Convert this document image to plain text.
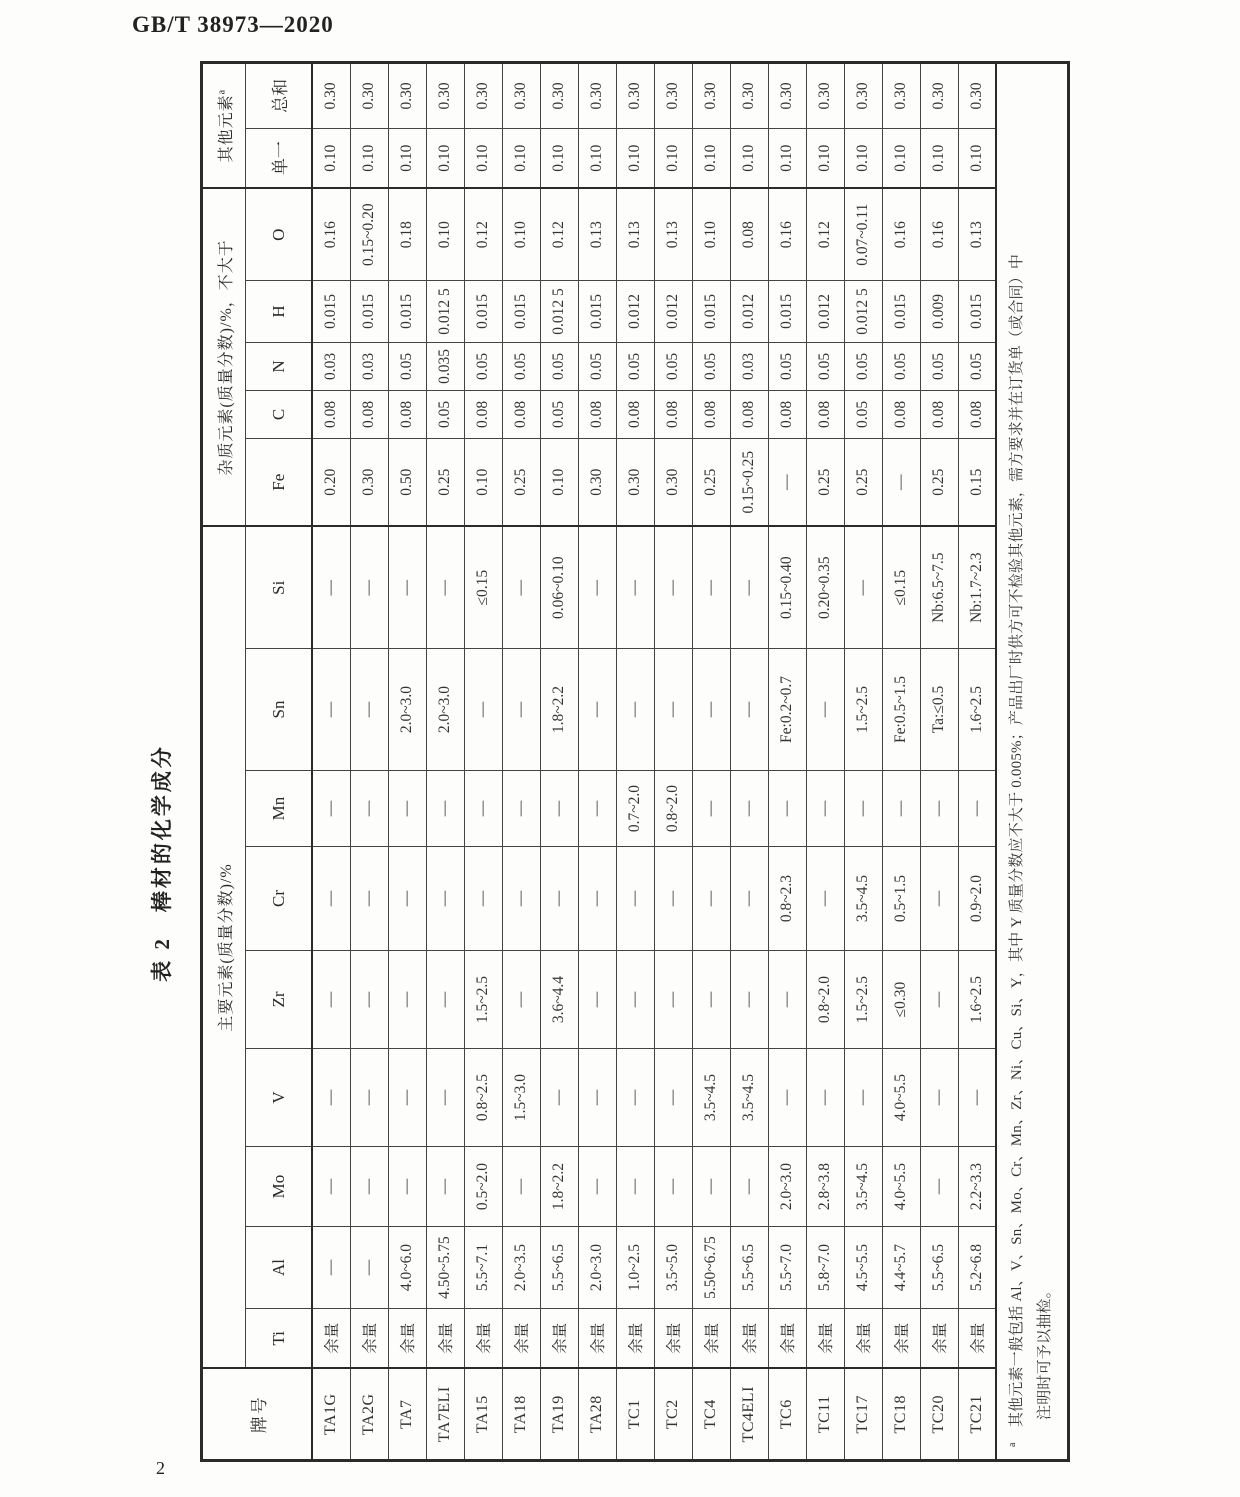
GB/T 38973—2020
表 2　棒材的化学成分
牌号	主要元素(质量分数)/%									杂质元素(质量分数)/%，不大于					其他元素$^a$
	Ti	Al	Mo	V	Zr	Cr	Mn	Sn	Si	Fe	C	N	H	O	单一	总和
TA1G	余量	—	—	—	—	—	—	—	—	0.20	0.08	0.03	0.015	0.16	0.10	0.30
TA2G	余量	—	—	—	—	—	—	—	—	0.30	0.08	0.03	0.015	0.15~0.20	0.10	0.30
TA7	余量	4.0~6.0	—	—	—	—	—	2.0~3.0	—	0.50	0.08	0.05	0.015	0.18	0.10	0.30
TA7ELI	余量	4.50~5.75	—	—	—	—	—	2.0~3.0	—	0.25	0.05	0.035	0.012 5	0.10	0.10	0.30
TA15	余量	5.5~7.1	0.5~2.0	0.8~2.5	1.5~2.5	—	—	—	≤0.15	0.10	0.08	0.05	0.015	0.12	0.10	0.30
TA18	余量	2.0~3.5	—	1.5~3.0	—	—	—	—	—	0.25	0.08	0.05	0.015	0.10	0.10	0.30
TA19	余量	5.5~6.5	1.8~2.2	—	3.6~4.4	—	—	1.8~2.2	0.06~0.10	0.10	0.05	0.05	0.012 5	0.12	0.10	0.30
TA28	余量	2.0~3.0	—	—	—	—	—	—	—	0.30	0.08	0.05	0.015	0.13	0.10	0.30
TC1	余量	1.0~2.5	—	—	—	—	0.7~2.0	—	—	0.30	0.08	0.05	0.012	0.13	0.10	0.30
TC2	余量	3.5~5.0	—	—	—	—	0.8~2.0	—	—	0.30	0.08	0.05	0.012	0.13	0.10	0.30
TC4	余量	5.50~6.75	—	3.5~4.5	—	—	—	—	—	0.25	0.08	0.05	0.015	0.10	0.10	0.30
TC4ELI	余量	5.5~6.5	—	3.5~4.5	—	—	—	—	—	0.15~0.25	0.08	0.03	0.012	0.08	0.10	0.30
TC6	余量	5.5~7.0	2.0~3.0	—	—	0.8~2.3	—	Fe:0.2~0.7	0.15~0.40	—	0.08	0.05	0.015	0.16	0.10	0.30
TC11	余量	5.8~7.0	2.8~3.8	—	0.8~2.0	—	—	—	0.20~0.35	0.25	0.08	0.05	0.012	0.12	0.10	0.30
TC17	余量	4.5~5.5	3.5~4.5	—	1.5~2.5	3.5~4.5	—	1.5~2.5	—	0.25	0.05	0.05	0.012 5	0.07~0.11	0.10	0.30
TC18	余量	4.4~5.7	4.0~5.5	4.0~5.5	≤0.30	0.5~1.5	—	Fe:0.5~1.5	≤0.15	—	0.08	0.05	0.015	0.16	0.10	0.30
TC20	余量	5.5~6.5	—	—	—	—	—	Ta:≤0.5	Nb:6.5~7.5	0.25	0.08	0.05	0.009	0.16	0.10	0.30
TC21	余量	5.2~6.8	2.2~3.3	—	1.6~2.5	0.9~2.0	—	1.6~2.5	Nb:1.7~2.3	0.15	0.08	0.05	0.015	0.13	0.10	0.30

$^a$　其他元素一般包括 Al、V、Sn、Mo、Cr、Mn、Zr、Ni、Cu、Si、Y，其中 Y 质量分数应不大于 0.005%；产品出厂时供方可不检验其他元素，需方要求并在订货单（或合同）中 注明时可予以抽检。																
2
